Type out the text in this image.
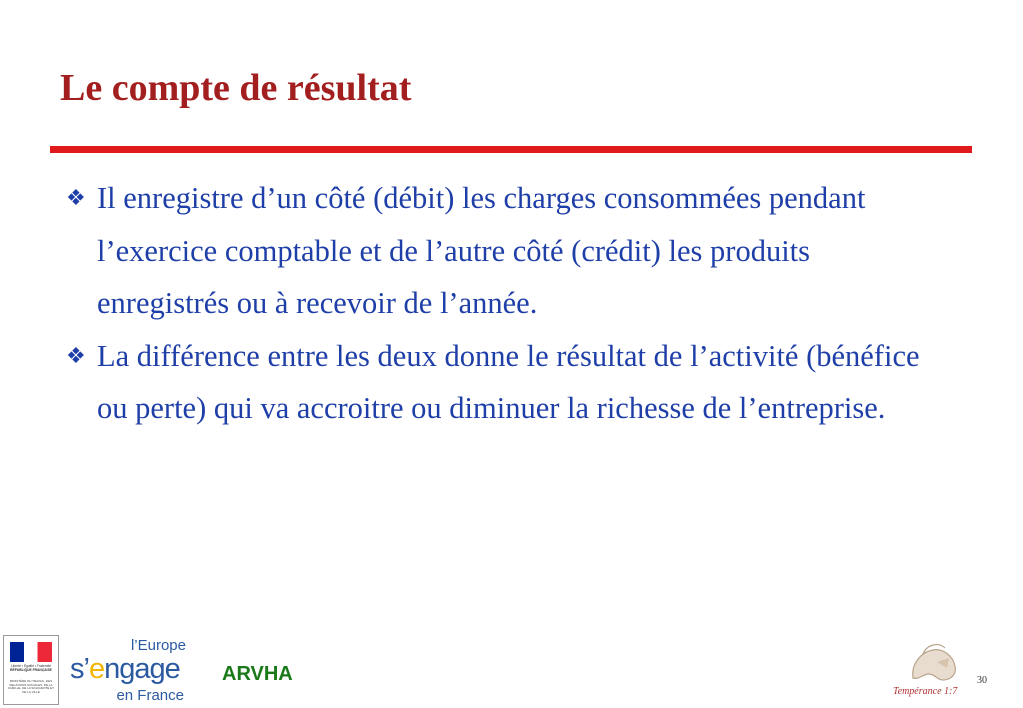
Le compte de résultat
❖ Il enregistre d’un côté (débit) les charges consommées pendant l’exercice comptable et de l’autre côté (crédit) les produits enregistrés ou à recevoir de l’année.
❖ La différence entre les deux donne le résultat de l’activité (bénéfice ou perte) qui va accroitre ou diminuer la richesse de l’entreprise.
Liberté • Égalité • Fraternité
RÉPUBLIQUE FRANÇAISE
MINISTÈRE DU TRAVAIL, DES RELATIONS SOCIALES, DE LA FAMILLE, DE LA SOLIDARITÉ ET DE LA VILLE
l’Europe
s’engage
en France
ARVHA
Tempérance 1:7
30
